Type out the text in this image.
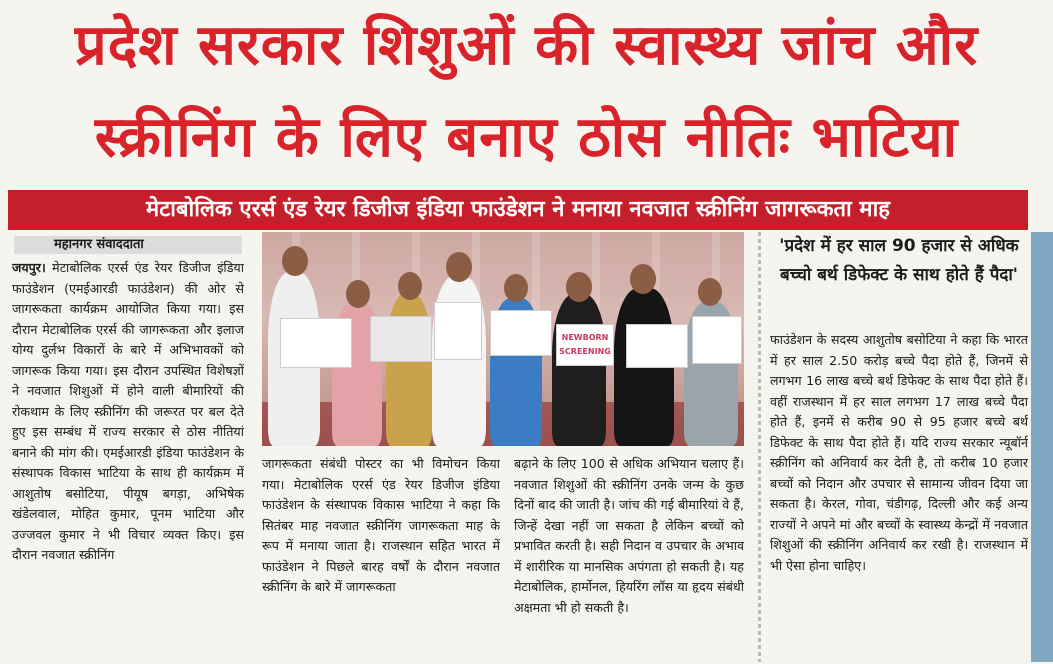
प्रदेश सरकार शिशुओं की स्वास्थ्य जांच और
स्क्रीनिंग के लिए बनाए ठोस नीतिः भाटिया
मेटाबोलिक एरर्स एंड रेयर डिजीज इंडिया फाउंडेशन ने मनाया नवजात स्क्रीनिंग जागरूकता माह
महानगर संवाददाता
जयपुर। मेटाबोलिक एरर्स एंड रेयर डिजीज इंडिया फाउंडेशन (एमईआरडी फाउंडेशन) की ओर से जागरूकता कार्यक्रम आयोजित किया गया। इस दौरान मेटाबोलिक एरर्स की जागरूकता और इलाज योग्य दुर्लभ विकारों के बारे में अभिभावकों को जागरूक किया गया। इस दौरान उपस्थित विशेषज्ञों ने नवजात शिशुओं में होने वाली बीमारियों की रोकथाम के लिए स्क्रीनिंग की जरूरत पर बल देते हुए इस सम्बंध में राज्य सरकार से ठोस नीतियां बनाने की मांग की। एमईआरडी इंडिया फाउंडेशन के संस्थापक विकास भाटिया के साथ ही कार्यक्रम में आशुतोष बसोटिया, पीयूष बगड़ा, अभिषेक खंडेलवाल, मोहित कुमार, पूनम भाटिया और उज्जवल कुमार ने भी विचार व्यक्त किए। इस दौरान नवजात स्क्रीनिंग
NEWBORN SCREENING
जागरूकता संबंधी पोस्टर का भी विमोचन किया गया। मेटाबोलिक एरर्स एंड रेयर डिजीज इंडिया फाउंडेशन के संस्थापक विकास भाटिया ने कहा कि सितंबर माह नवजात स्क्रीनिंग जागरूकता माह के रूप में मनाया जाता है। राजस्थान सहित भारत में फाउंडेशन ने पिछले बारह वर्षों के दौरान नवजात स्क्रीनिंग के बारे में जागरूकता
बढ़ाने के लिए 100 से अधिक अभियान चलाए हैं। नवजात शिशुओं की स्क्रीनिंग उनके जन्म के कुछ दिनों बाद की जाती है। जांच की गई बीमारियां वे हैं, जिन्हें देखा नहीं जा सकता है लेकिन बच्चों को प्रभावित करती है। सही निदान व उपचार के अभाव में शारीरिक या मानसिक अपंगता हो सकती है। यह मेटाबोलिक, हार्मोनल, हियरिंग लॉस या हृदय संबंधी अक्षमता भी हो सकती है।
'प्रदेश में हर साल 90 हजार से अधिक बच्चो बर्थ डिफेक्ट के साथ होते हैं पैदा'
फाउंडेशन के सदस्य आशुतोष बसोटिया ने कहा कि भारत में हर साल 2.50 करोड़ बच्चे पैदा होते हैं, जिनमें से लगभग 16 लाख बच्चे बर्थ डिफेक्ट के साथ पैदा होते हैं। वहीं राजस्थान में हर साल लगभग 17 लाख बच्चे पैदा होते हैं, इनमें से करीब 90 से 95 हजार बच्चे बर्थ डिफेक्ट के साथ पैदा होते हैं। यदि राज्य सरकार न्यूबॉर्न स्क्रीनिंग को अनिवार्य कर देती है, तो करीब 10 हजार बच्चों को निदान और उपचार से सामान्य जीवन दिया जा सकता है। केरल, गोवा, चंडीगढ़, दिल्ली और कई अन्य राज्यों ने अपने मां और बच्चों के स्वास्थ्य केन्द्रों में नवजात शिशुओं की स्क्रीनिंग अनिवार्य कर रखी है। राजस्थान में भी ऐसा होना चाहिए।
